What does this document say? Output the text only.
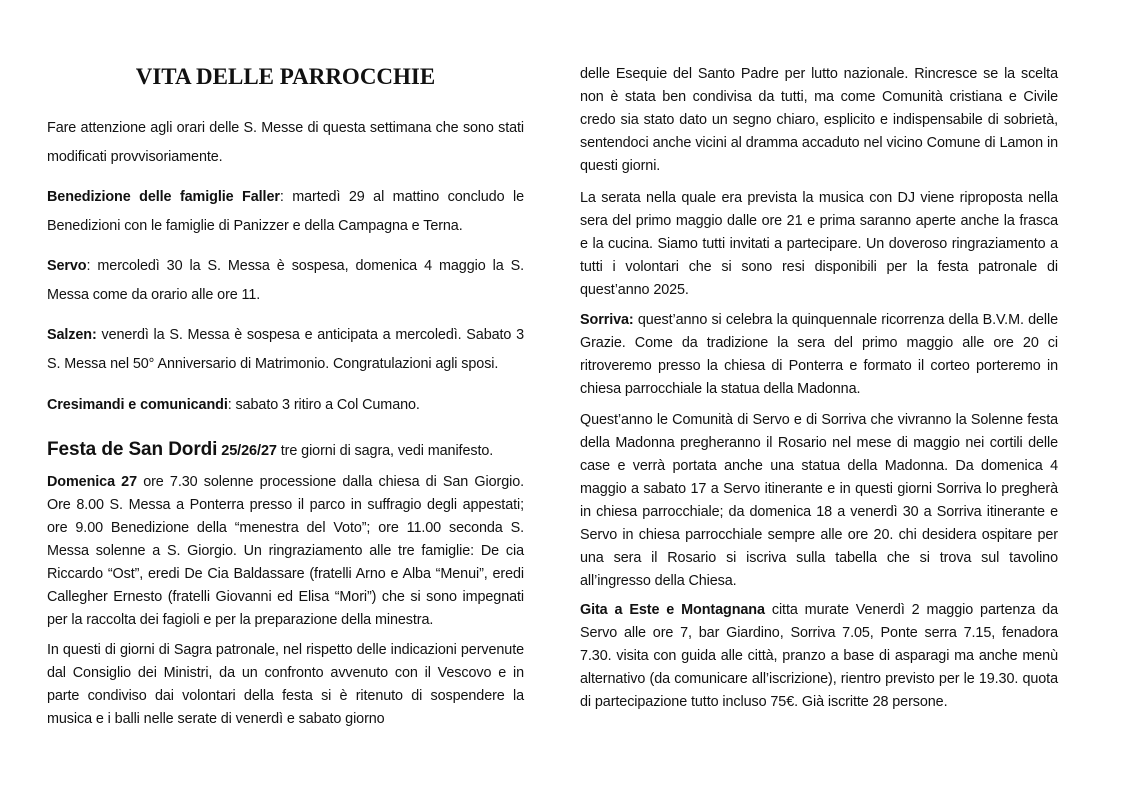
VITA DELLE PARROCCHIE

Fare attenzione agli orari delle S. Messe di questa settimana che sono stati modificati provvisoriamente.

Benedizione delle famiglie Faller: martedì 29 al mattino concludo le Benedizioni con le famiglie di Panizzer e della Campagna e Terna.

Servo: mercoledì 30 la S. Messa è sospesa, domenica 4 maggio la S. Messa come da orario alle ore 11.

Salzen: venerdì la S. Messa è sospesa e anticipata a mercoledì. Sabato 3 S. Messa nel 50° Anniversario di Matrimonio. Congratulazioni agli sposi.

Cresimandi e comunicandi: sabato 3 ritiro a Col Cumano.

Festa de San Dordi 25/26/27 tre giorni di sagra, vedi manifesto.

Domenica 27 ore 7.30 solenne processione dalla chiesa di San Giorgio. Ore 8.00 S. Messa a Ponterra presso il parco in suffragio degli appestati; ore 9.00 Benedizione della “menestra del Voto”; ore 11.00 seconda S. Messa solenne a S. Giorgio. Un ringraziamento alle tre famiglie: De cia Riccardo “Ost”, eredi De Cia Baldassare (fratelli Arno e Alba “Menui”, eredi Callegher Ernesto (fratelli Giovanni ed Elisa “Mori”) che si sono impegnati per la raccolta dei fagioli e per la preparazione della minestra.

In questi di giorni di Sagra patronale, nel rispetto delle indicazioni pervenute dal Consiglio dei Ministri, da un confronto avvenuto con il Vescovo e in parte condiviso dai volontari della festa si è ritenuto di sospendere la musica e i balli nelle serate di venerdì e sabato giorno

delle Esequie del Santo Padre per lutto nazionale. Rincresce se la scelta non è stata ben condivisa da tutti, ma come Comunità cristiana e Civile credo sia stato dato un segno chiaro, esplicito e indispensabile di sobrietà, sentendoci anche vicini al dramma accaduto nel vicino Comune di Lamon in questi giorni.

La serata nella quale era prevista la musica con DJ viene riproposta nella sera del primo maggio dalle ore 21 e prima saranno aperte anche la frasca e la cucina. Siamo tutti invitati a partecipare. Un doveroso ringraziamento a tutti i volontari che si sono resi disponibili per la festa patronale di quest’anno 2025.

Sorriva: quest’anno si celebra la quinquennale ricorrenza della B.V.M. delle Grazie. Come da tradizione la sera del primo maggio alle ore 20 ci ritroveremo presso la chiesa di Ponterra e formato il corteo porteremo in chiesa parrocchiale la statua della Madonna.

Quest’anno le Comunità di Servo e di Sorriva che vivranno la Solenne festa della Madonna pregheranno il Rosario nel mese di maggio nei cortili delle case e verrà portata anche una statua della Madonna. Da domenica 4 maggio a sabato 17 a Servo itinerante e in questi giorni Sorriva lo pregherà in chiesa parrocchiale; da domenica 18 a venerdì 30 a Sorriva itinerante e Servo in chiesa parrocchiale sempre alle ore 20. chi desidera ospitare per una sera il Rosario si iscriva sulla tabella che si trova sul tavolino all’ingresso della Chiesa.

Gita a Este e Montagnana citta murate Venerdì 2 maggio partenza da Servo alle ore 7, bar Giardino, Sorriva 7.05, Ponte serra 7.15, fenadora 7.30. visita con guida alle città, pranzo a base di asparagi ma anche menù alternativo (da comunicare all’iscrizione), rientro previsto per le 19.30. quota di partecipazione tutto incluso 75€. Già iscritte 28 persone.
